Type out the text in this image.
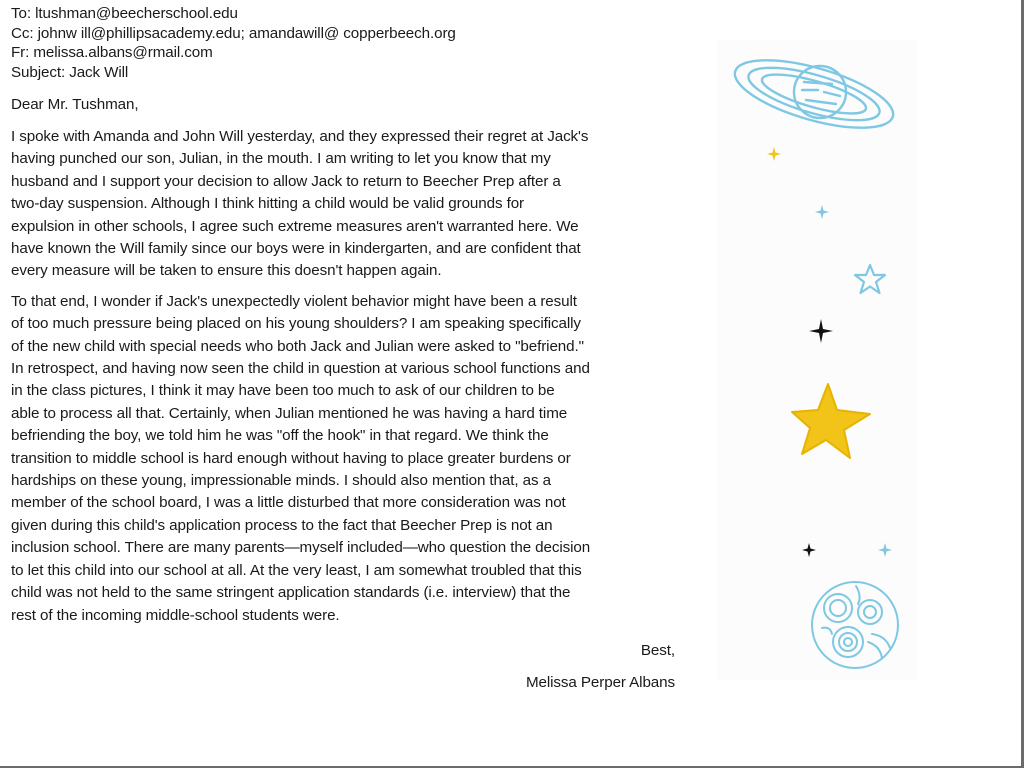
To: ltushman@beecherschool.edu

Cc: johnw ill@phillipsacademy.edu; amandawill@ copperbeech.org

Fr: melissa.albans@rmail.com

Subject: Jack Will

Dear Mr. Tushman,

I spoke with Amanda and John Will yesterday, and they expressed their regret at Jack's
having punched our son, Julian, in the mouth. I am writing to let you know that my
husband and I support your decision to allow Jack to return to Beecher Prep after a
two-day suspension. Although I think hitting a child would be valid grounds for
expulsion in other schools, I agree such extreme measures aren't warranted here. We
have known the Will family since our boys were in kindergarten, and are confident that
every measure will be taken to ensure this doesn't happen again.

To that end, I wonder if Jack's unexpectedly violent behavior might have been a result
of too much pressure being placed on his young shoulders? I am speaking specifically
of the new child with special needs who both Jack and Julian were asked to "befriend."
In retrospect, and having now seen the child in question at various school functions and
in the class pictures, I think it may have been too much to ask of our children to be
able to process all that. Certainly, when Julian mentioned he was having a hard time
befriending the boy, we told him he was "off the hook" in that regard. We think the
transition to middle school is hard enough without having to place greater burdens or
hardships on these young, impressionable minds. I should also mention that, as a
member of the school board, I was a little disturbed that more consideration was not
given during this child's application process to the fact that Beecher Prep is not an
inclusion school. There are many parents—myself included—who question the decision
to let this child into our school at all. At the very least, I am somewhat troubled that this
child was not held to the same stringent application standards (i.e. interview) that the
rest of the incoming middle-school students were.

Best,

Melissa Perper Albans
